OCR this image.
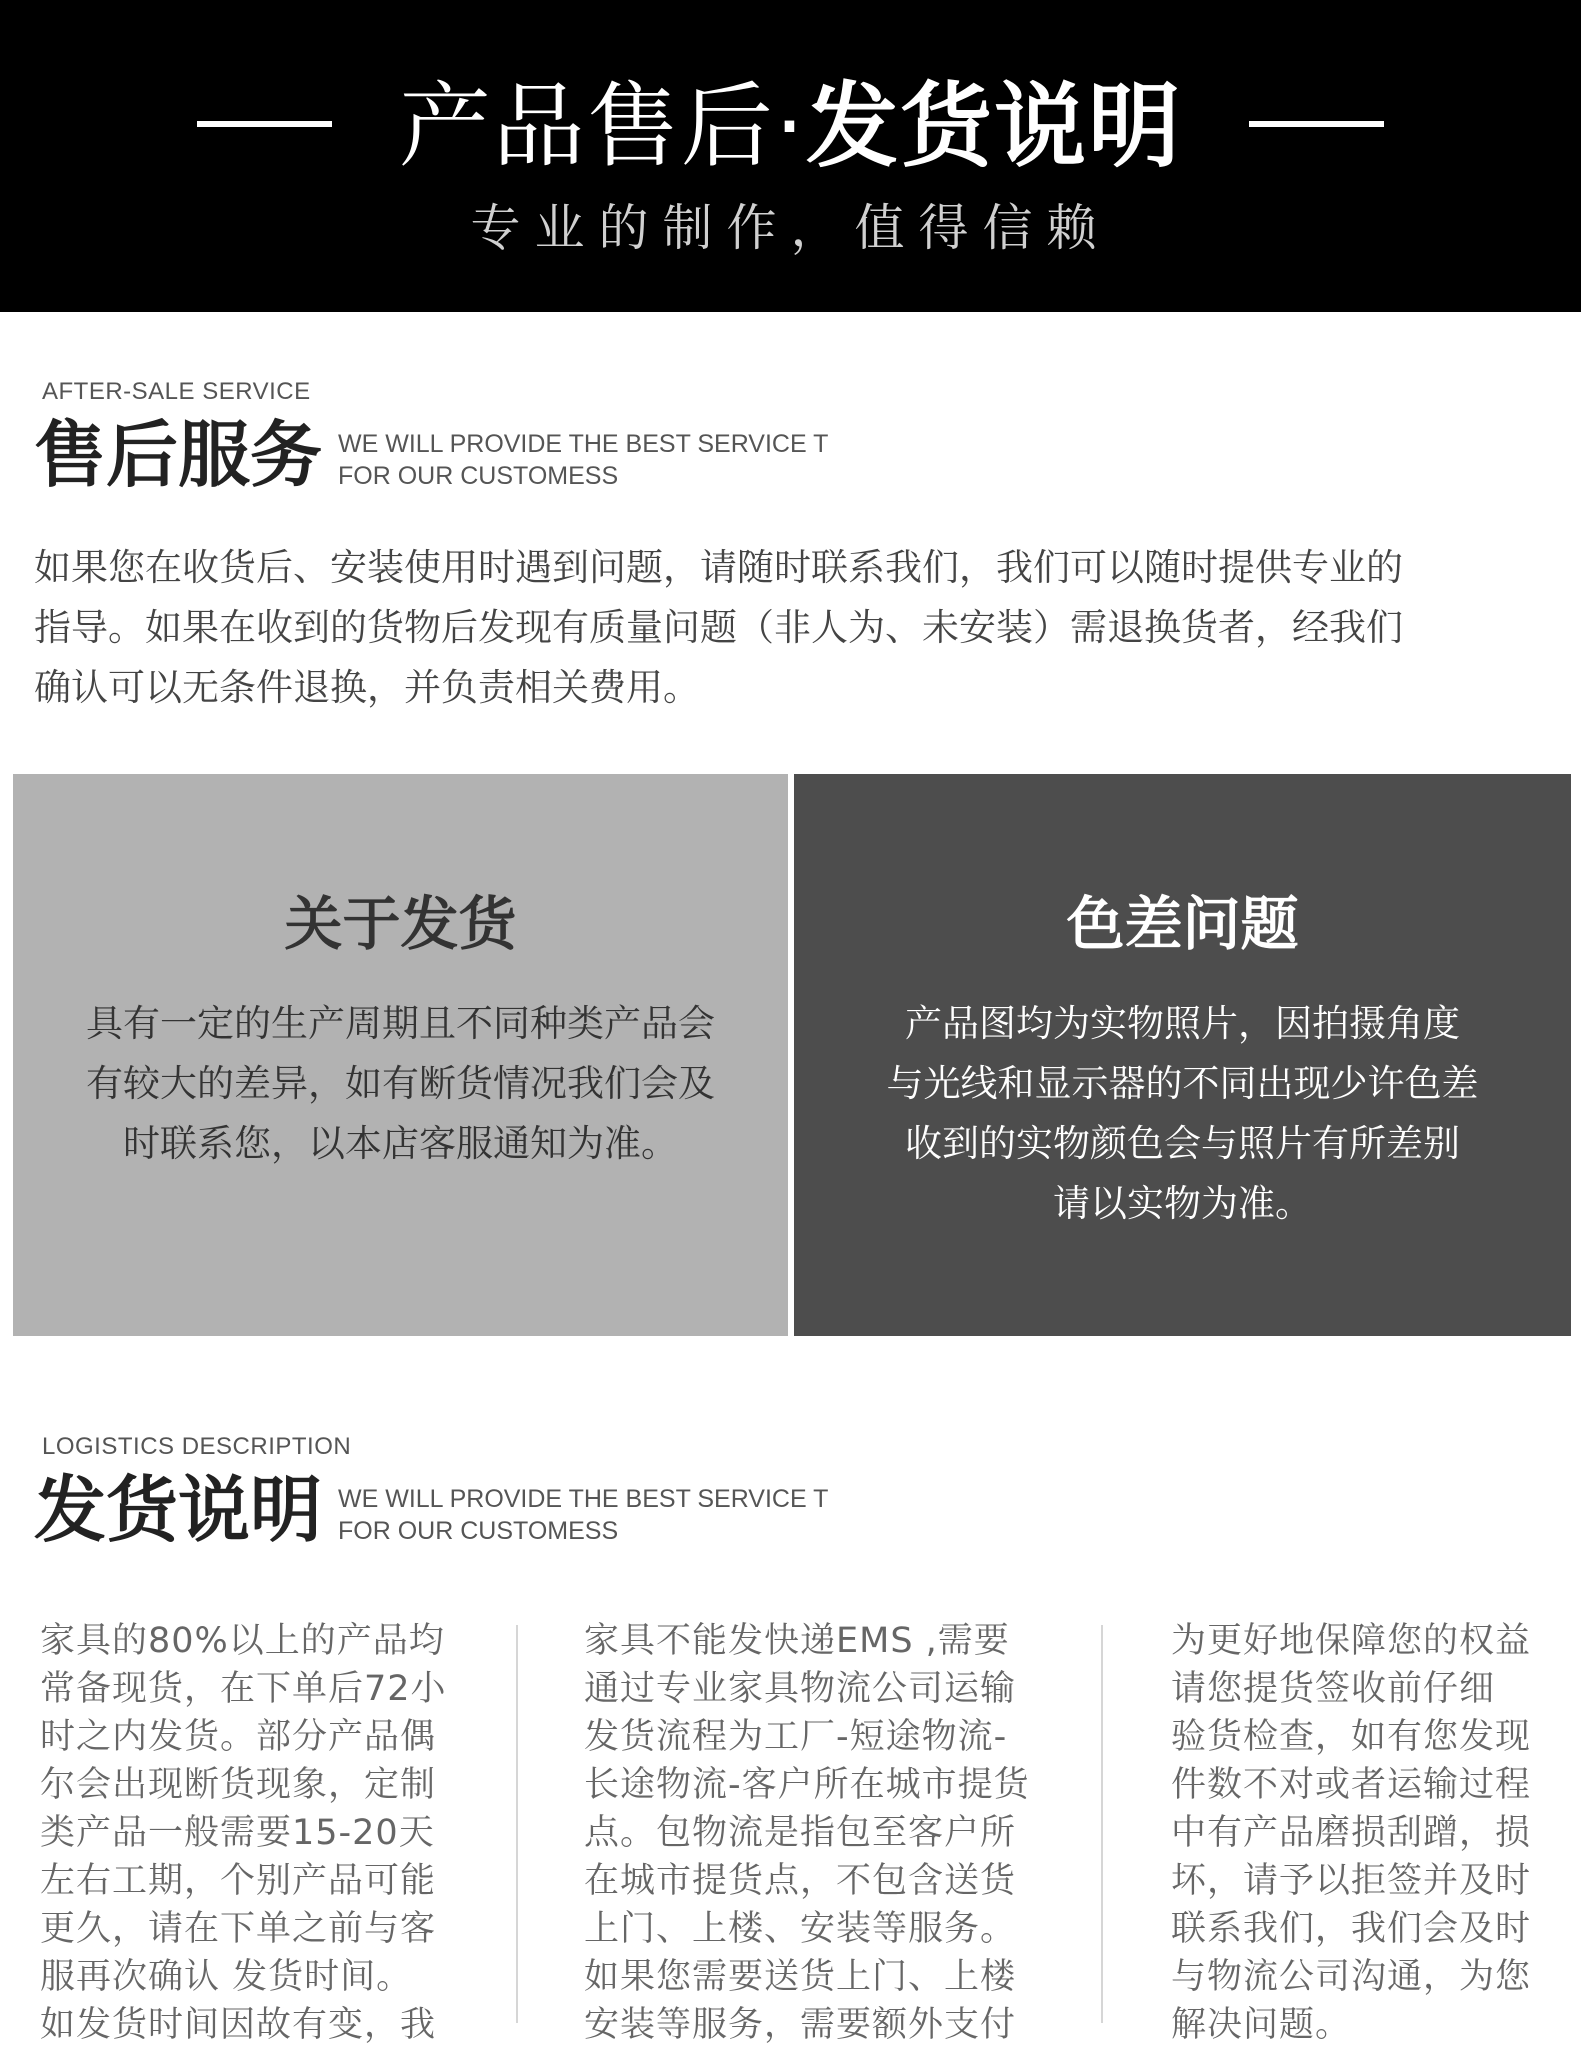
产品售后·发货说明
专业的制作，值得信赖
AFTER-SALE SERVICE
售后服务 WE WILL PROVIDE THE BEST SERVICE T
FOR OUR CUSTOMESS
如果您在收货后、安装使用时遇到问题，请随时联系我们，我们可以随时提供专业的
指导。如果在收到的货物后发现有质量问题（非人为、未安装）需退换货者，经我们
确认可以无条件退换，并负责相关费用。
关于发货
具有一定的生产周期且不同种类产品会
有较大的差异，如有断货情况我们会及
时联系您，以本店客服通知为准。
色差问题
产品图均为实物照片，因拍摄角度
与光线和显示器的不同出现少许色差
收到的实物颜色会与照片有所差别
请以实物为准。
LOGISTICS DESCRIPTION
发货说明 WE WILL PROVIDE THE BEST SERVICE T
FOR OUR CUSTOMESS
家具的80%以上的产品均
常备现货，在下单后72小
时之内发货。部分产品偶
尔会出现断货现象，定制
类产品一般需要15-20天
左右工期，个别产品可能
更久，请在下单之前与客
服再次确认 发货时间。
如发货时间因故有变，我
家具不能发快递EMS ,需要
通过专业家具物流公司运输
发货流程为工厂-短途物流-
长途物流-客户所在城市提货
点。包物流是指包至客户所
在城市提货点，不包含送货
上门、上楼、安装等服务。
如果您需要送货上门、上楼
安装等服务，需要额外支付
为更好地保障您的权益
请您提货签收前仔细
验货检查，如有您发现
件数不对或者运输过程
中有产品磨损刮蹭，损
坏，请予以拒签并及时
联系我们，我们会及时
与物流公司沟通，为您
解决问题。
